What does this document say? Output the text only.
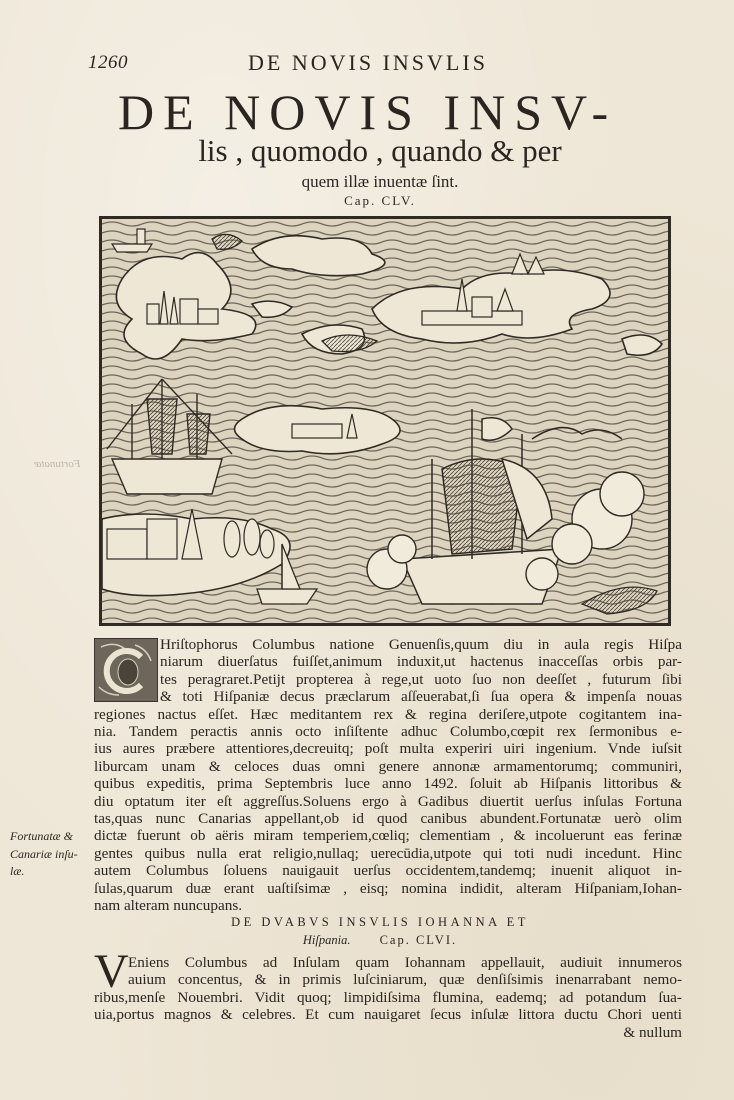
Fortunatæ
1260	DE NOVIS INSVLIS
DE NOVIS INSV-
lis , quomodo , quando & per
quem illæ inuentæ ſint.
Cap. CLV.
Hriſtophorus Columbus natione Genuenſis,quum diu in aula regis Hiſpa
niarum diuerſatus fuiſſet,animum induxit,ut hactenus inacceſſas orbis par-
tes peragraret.Petijt propterea à rege,ut uoto ſuo non deeſſet , futurum ſibi
& toti Hiſpaniæ decus præclarum aſſeuerabat,ſi ſua opera & impenſa nouas
regiones nactus eſſet. Hæc meditantem rex & regina deriſere,utpote cogitantem ina-
nia. Tandem peractis annis octo inſiſtente adhuc Columbo,cœpit rex ſermonibus e-
ius aures præbere attentiores,decreuitq; poſt multa experiri uiri ingenium. Vnde iuſsit
liburcam unam & celoces duas omni genere annonæ armamentorumq; communiri,
quibus expeditis, prima Septembris luce anno 1492. ſoluit ab Hiſpanis littoribus &
diu optatum iter eſt aggreſſus.Soluens ergo à Gadibus diuertit uerſus inſulas Fortuna
tas,quas nunc Canarias appellant,ob id quod canibus abundent.Fortunatæ uerò olim
dictæ fuerunt ob aëris miram temperiem,cœliq; clementiam , & incoluerunt eas ferinæ
gentes quibus nulla erat religio,nullaq; uerecūdia,utpote qui toti nudi incedunt. Hinc
autem Columbus ſoluens nauigauit uerſus occidentem,tandemq; inuenit aliquot in-
ſulas,quarum duæ erant uaſtiſsimæ , eisq; nomina indidit, alteram Hiſpaniam,Iohan-
nam alteram nuncupans.
Fortunatæ &
Canariæ inſu-
læ.
DE DVABVS INSVLIS IOHANNA ET
Hiſpania. Cap. CLVI.
V Eniens Columbus ad Inſulam quam Iohannam appellauit, audiuit innumeros
auium concentus, & in primis luſciniarum, quæ denſiſsimis inenarrabant nemo-
ribus,menſe Nouembri. Vidit quoq; limpidiſsima flumina, eademq; ad potandum ſua-
uia,portus magnos & celebres. Et cum nauigaret ſecus inſulæ littora ductu Chori uenti
& nullum
